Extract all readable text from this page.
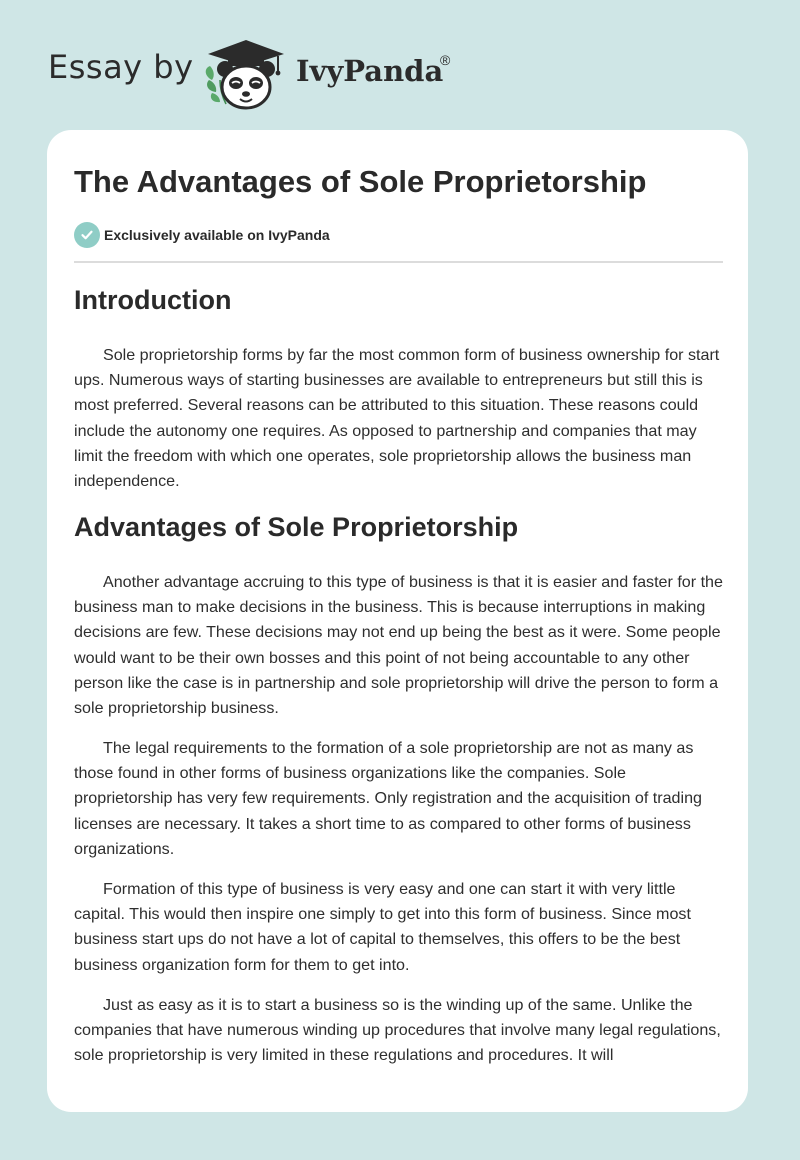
Essay by	IvyPanda
®
The Advantages of Sole Proprietorship
Exclusively available on IvyPanda
Introduction

Sole proprietorship forms by far the most common form of business ownership for start ups. Numerous ways of starting businesses are available to entrepreneurs but still this is most preferred. Several reasons can be attributed to this situation. These reasons could include the autonomy one requires. As opposed to partnership and companies that may limit the freedom with which one operates, sole proprietorship allows the business man independence.

Advantages of Sole Proprietorship

Another advantage accruing to this type of business is that it is easier and faster for the business man to make decisions in the business. This is because interruptions in making decisions are few. These decisions may not end up being the best as it were. Some people would want to be their own bosses and this point of not being accountable to any other person like the case is in partnership and sole proprietorship will drive the person to form a sole proprietorship business.

The legal requirements to the formation of a sole proprietorship are not as many as those found in other forms of business organizations like the companies. Sole proprietorship has very few requirements. Only registration and the acquisition of trading licenses are necessary. It takes a short time to as compared to other forms of business organizations.

Formation of this type of business is very easy and one can start it with very little capital. This would then inspire one simply to get into this form of business. Since most business start ups do not have a lot of capital to themselves, this offers to be the best business organization form for them to get into.

Just as easy as it is to start a business so is the winding up of the same. Unlike the companies that have numerous winding up procedures that involve many legal regulations, sole proprietorship is very limited in these regulations and procedures. It will
